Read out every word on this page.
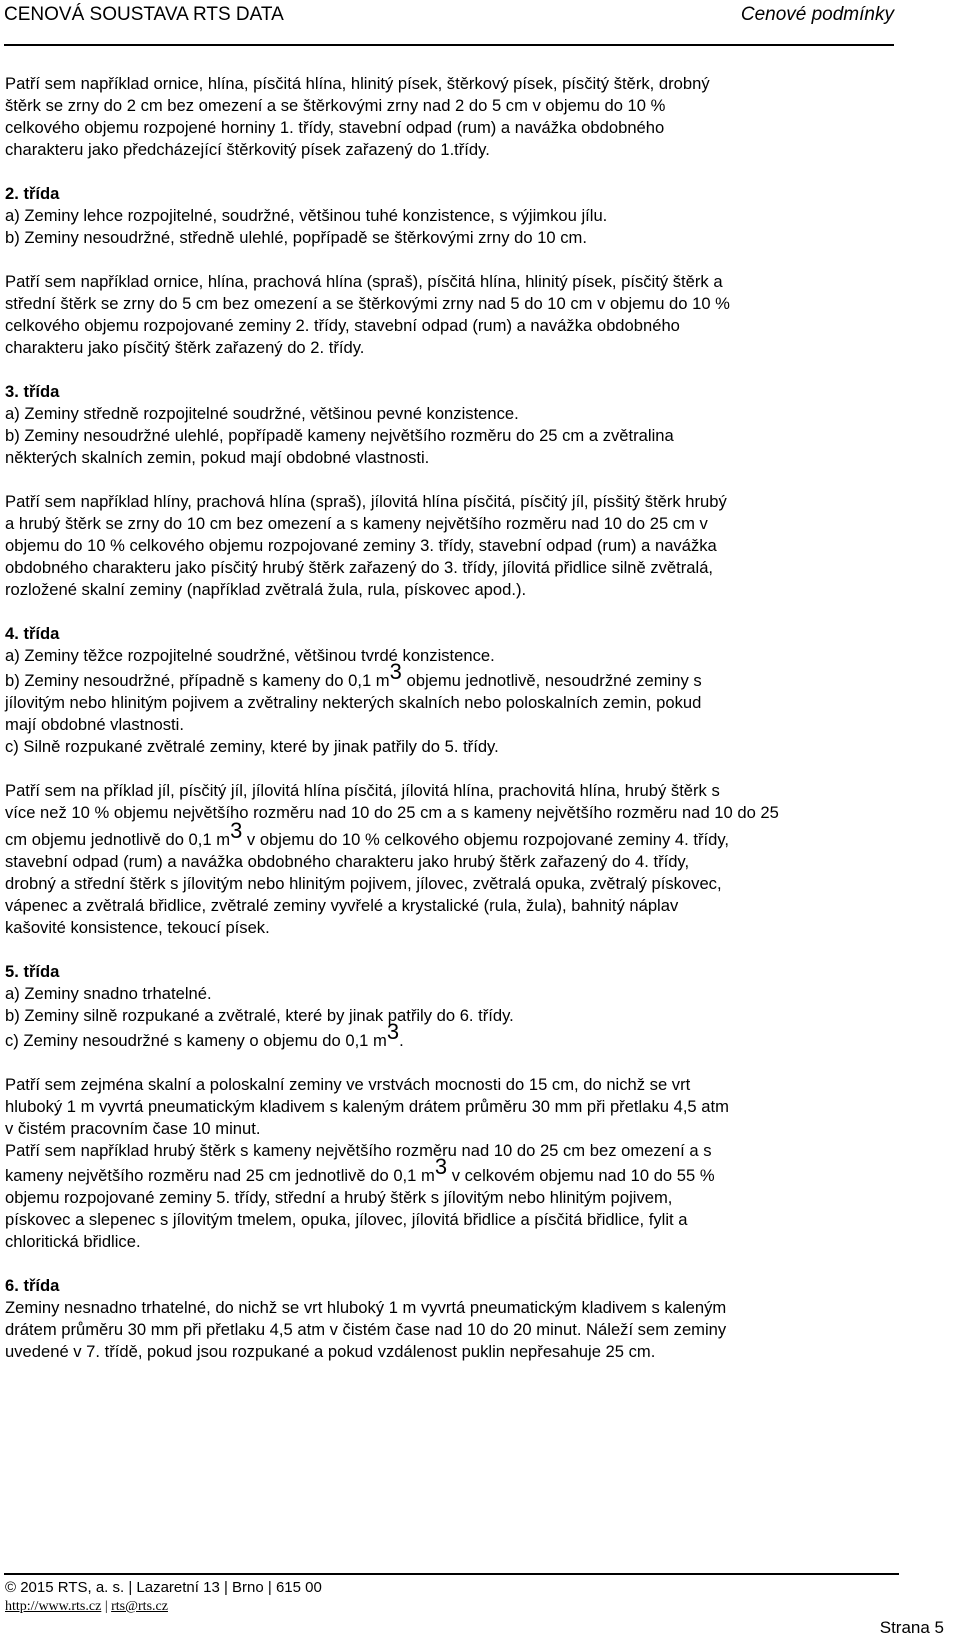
CENOVÁ SOUSTAVA RTS DATA	Cenové podmínky

Patří sem například ornice, hlína, písčitá hlína, hlinitý písek, štěrkový písek, písčitý štěrk, drobný
štěrk se zrny do 2 cm bez omezení a se štěrkovými zrny nad 2 do 5 cm v objemu do 10 %
celkového objemu rozpojené horniny 1. třídy, stavební odpad (rum) a navážka obdobného
charakteru jako předcházející štěrkovitý písek zařazený do 1.třídy.

2. třída

a) Zeminy lehce rozpojitelné, soudržné, většinou tuhé konzistence, s výjimkou jílu.
b) Zeminy nesoudržné, středně ulehlé, popřípadě se štěrkovými zrny do 10 cm.

Patří sem například ornice, hlína, prachová hlína (spraš), písčitá hlína, hlinitý písek, písčitý štěrk a
střední štěrk se zrny do 5 cm bez omezení a se štěrkovými zrny nad 5 do 10 cm v objemu do 10 %
celkového objemu rozpojované zeminy 2. třídy, stavební odpad (rum) a navážka obdobného
charakteru jako písčitý štěrk zařazený do 2. třídy.

3. třída

a) Zeminy středně rozpojitelné soudržné, většinou pevné konzistence.
b) Zeminy nesoudržné ulehlé, popřípadě kameny největšího rozměru do 25 cm a zvětralina
některých skalních zemin, pokud mají obdobné vlastnosti.

Patří sem například hlíny, prachová hlína (spraš), jílovitá hlína písčitá, písčitý jíl, písšitý štěrk hrubý
a hrubý štěrk se zrny do 10 cm bez omezení a s kameny největšího rozměru nad 10 do 25 cm v
objemu do 10 % celkového objemu rozpojované zeminy 3. třídy, stavební odpad (rum) a navážka
obdobného charakteru jako písčitý hrubý štěrk zařazený do 3. třídy, jílovitá přidlice silně zvětralá,
rozložené skalní zeminy (například zvětralá žula, rula, pískovec apod.).

4. třída

a) Zeminy těžce rozpojitelné soudržné, většinou tvrdé konzistence.
b) Zeminy nesoudržné, případně s kameny do 0,1 m3 objemu jednotlivě, nesoudržné zeminy s
jílovitým nebo hlinitým pojivem a zvětraliny nekterých skalních nebo poloskalních zemin, pokud
mají obdobné vlastnosti.
c) Silně rozpukané zvětralé zeminy, které by jinak patřily do 5. třídy.

Patří sem na příklad jíl, písčitý jíl, jílovitá hlína písčitá, jílovitá hlína, prachovitá hlína, hrubý štěrk s
více než 10 % objemu největšího rozměru nad 10 do 25 cm a s kameny největšího rozměru nad 10 do 25
cm objemu jednotlivě do 0,1 m3 v objemu do 10 % celkového objemu rozpojované zeminy 4. třídy,
stavební odpad (rum) a navážka obdobného charakteru jako hrubý štěrk zařazený do 4. třídy,
drobný a střední štěrk s jílovitým nebo hlinitým pojivem, jílovec, zvětralá opuka, zvětralý pískovec,
vápenec a zvětralá břidlice, zvětralé zeminy vyvřelé a krystalické (rula, žula), bahnitý náplav
kašovité konsistence, tekoucí písek.

5. třída

a) Zeminy snadno trhatelné.
b) Zeminy silně rozpukané a zvětralé, které by jinak patřily do 6. třídy.
c) Zeminy nesoudržné s kameny o objemu do 0,1 m3.

Patří sem zejména skalní a poloskalní zeminy ve vrstvách mocnosti do 15 cm, do nichž se vrt
hluboký 1 m vyvrtá pneumatickým kladivem s kaleným drátem průměru 30 mm při přetlaku 4,5 atm
v čistém pracovním čase 10 minut.
Patří sem například hrubý štěrk s kameny největšího rozměru nad 10 do 25 cm bez omezení a s
kameny největšího rozměru nad 25 cm jednotlivě do 0,1 m3 v celkovém objemu nad 10 do 55 %
objemu rozpojované zeminy 5. třídy, střední a hrubý štěrk s jílovitým nebo hlinitým pojivem,
pískovec a slepenec s jílovitým tmelem, opuka, jílovec, jílovitá břidlice a písčitá břidlice, fylit a
chloritická břidlice.

6. třída

Zeminy nesnadno trhatelné, do nichž se vrt hluboký 1 m vyvrtá pneumatickým kladivem s kaleným
drátem průměru 30 mm při přetlaku 4,5 atm v čistém čase nad 10 do 20 minut. Náleží sem zeminy
uvedené v 7. třídě, pokud jsou rozpukané a pokud vzdálenost puklin nepřesahuje 25 cm.

© 2015 RTS, a. s. | Lazaretní 13 | Brno | 615 00
http://www.rts.cz | rts@rts.cz
Strana 5
